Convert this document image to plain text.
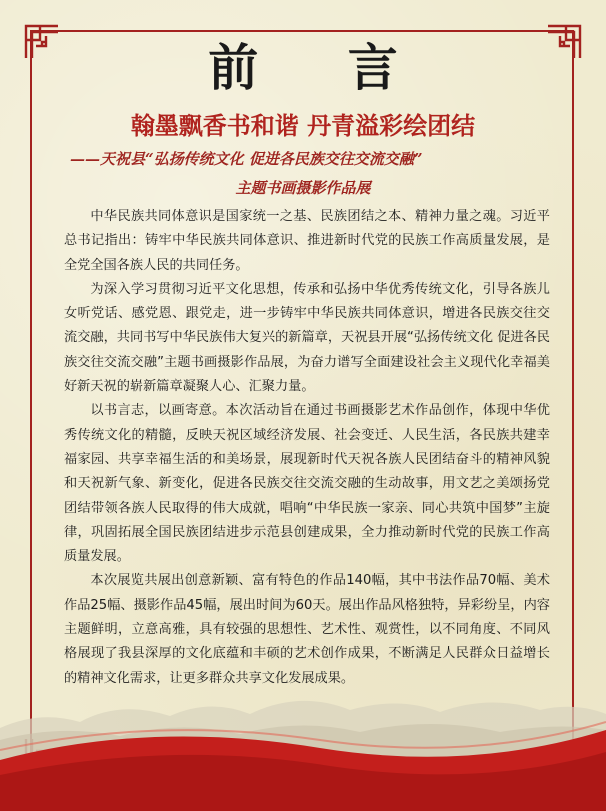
前 言
翰墨飘香书和谐 丹青溢彩绘团结
——天祝县“弘扬传统文化 促进各民族交往交流交融”
主题书画摄影作品展

中华民族共同体意识是国家统一之基、民族团结之本、精神力量之魂。习近平总书记指出：铸牢中华民族共同体意识、推进新时代党的民族工作高质量发展，是全党全国各族人民的共同任务。

为深入学习贯彻习近平文化思想，传承和弘扬中华优秀传统文化，引导各族儿女听党话、感党恩、跟党走，进一步铸牢中华民族共同体意识，增进各民族交往交流交融，共同书写中华民族伟大复兴的新篇章，天祝县开展“弘扬传统文化 促进各民族交往交流交融”主题书画摄影作品展，为奋力谱写全面建设社会主义现代化幸福美好新天祝的崭新篇章凝聚人心、汇聚力量。

以书言志，以画寄意。本次活动旨在通过书画摄影艺术作品创作，体现中华优秀传统文化的精髓，反映天祝区域经济发展、社会变迁、人民生活，各民族共建幸福家园、共享幸福生活的和美场景，展现新时代天祝各族人民团结奋斗的精神风貌和天祝新气象、新变化，促进各民族交往交流交融的生动故事，用文艺之美颂扬党团结带领各族人民取得的伟大成就，唱响“中华民族一家亲、同心共筑中国梦”主旋律，巩固拓展全国民族团结进步示范县创建成果，全力推动新时代党的民族工作高质量发展。

本次展览共展出创意新颖、富有特色的作品140幅，其中书法作品70幅、美术作品25幅、摄影作品45幅，展出时间为60天。展出作品风格独特，异彩纷呈，内容主题鲜明，立意高雅，具有较强的思想性、艺术性、观赏性，以不同角度、不同风格展现了我县深厚的文化底蕴和丰硕的艺术创作成果，不断满足人民群众日益增长的精神文化需求，让更多群众共享文化发展成果。
